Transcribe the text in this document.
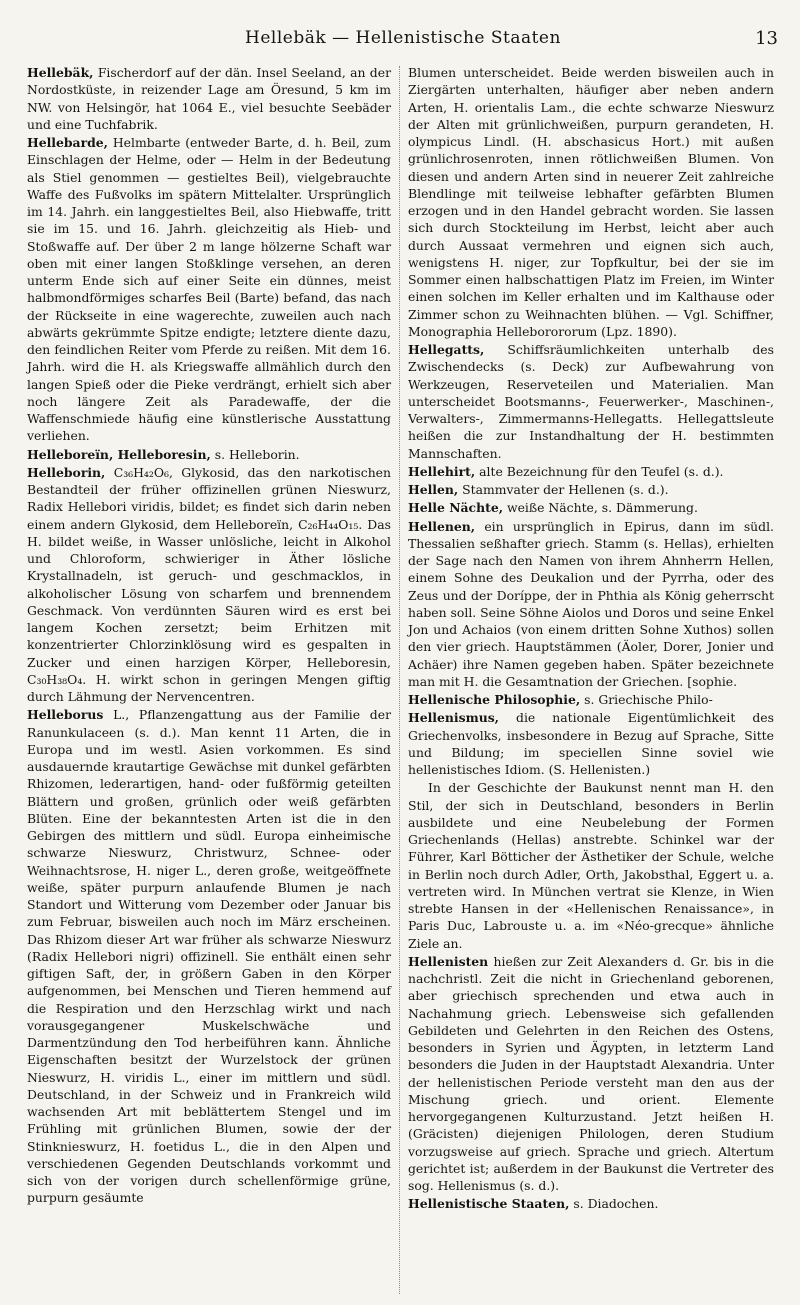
Hellebäk — Hellenistische Staaten	13

Hellebäk, Fischerdorf auf der dän. Insel Seeland, an der Nordostküste, in reizender Lage am Öresund, 5 km im NW. von Helsingör, hat 1064 E., viel besuchte Seebäder und eine Tuchfabrik.

Hellebarde, Helmbarte (entweder Barte, d. h. Beil, zum Einschlagen der Helme, oder — Helm in der Bedeutung als Stiel genommen — gestieltes Beil), vielgebrauchte Waffe des Fußvolks im spätern Mittelalter. Ursprünglich im 14. Jahrh. ein langgestieltes Beil, also Hiebwaffe, tritt sie im 15. und 16. Jahrh. gleichzeitig als Hieb- und Stoßwaffe auf. Der über 2 m lange hölzerne Schaft war oben mit einer langen Stoßklinge versehen, an deren unterm Ende sich auf einer Seite ein dünnes, meist halbmondförmiges scharfes Beil (Barte) befand, das nach der Rückseite in eine wagerechte, zuweilen auch nach abwärts gekrümmte Spitze endigte; letztere diente dazu, den feindlichen Reiter vom Pferde zu reißen. Mit dem 16. Jahrh. wird die H. als Kriegswaffe allmählich durch den langen Spieß oder die Pieke verdrängt, erhielt sich aber noch längere Zeit als Paradewaffe, der die Waffenschmiede häufig eine künstlerische Ausstattung verliehen.

Helleboreïn, Helleboresin, s. Helleborin.

Helleborin, C₃₆H₄₂O₆, Glykosid, das den narkotischen Bestandteil der früher offizinellen grünen Nieswurz, Radix Hellebori viridis, bildet; es findet sich darin neben einem andern Glykosid, dem Helleboreïn, C₂₆H₄₄O₁₅. Das H. bildet weiße, in Wasser unlösliche, leicht in Alkohol und Chloroform, schwieriger in Äther lösliche Krystallnadeln, ist geruch- und geschmacklos, in alkoholischer Lösung von scharfem und brennendem Geschmack. Von verdünnten Säuren wird es erst bei langem Kochen zersetzt; beim Erhitzen mit konzentrierter Chlorzinklösung wird es gespalten in Zucker und einen harzigen Körper, Helleboresin, C₃₀H₃₈O₄. H. wirkt schon in geringen Mengen giftig durch Lähmung der Nervencentren.

Helleborus L., Pflanzengattung aus der Familie der Ranunkulaceen (s. d.). Man kennt 11 Arten, die in Europa und im westl. Asien vorkommen. Es sind ausdauernde krautartige Gewächse mit dunkel gefärbten Rhizomen, lederartigen, hand- oder fußförmig geteilten Blättern und großen, grünlich oder weiß gefärbten Blüten. Eine der bekanntesten Arten ist die in den Gebirgen des mittlern und südl. Europa einheimische schwarze Nieswurz, Christwurz, Schnee- oder Weihnachtsrose, H. niger L., deren große, weitgeöffnete weiße, später purpurn anlaufende Blumen je nach Standort und Witterung vom Dezember oder Januar bis zum Februar, bisweilen auch noch im März erscheinen. Das Rhizom dieser Art war früher als schwarze Nieswurz (Radix Hellebori nigri) offizinell. Sie enthält einen sehr giftigen Saft, der, in größern Gaben in den Körper aufgenommen, bei Menschen und Tieren hemmend auf die Respiration und den Herzschlag wirkt und nach vorausgegangener Muskelschwäche und Darmentzündung den Tod herbeiführen kann. Ähnliche Eigenschaften besitzt der Wurzelstock der grünen Nieswurz, H. viridis L., einer im mittlern und südl. Deutschland, in der Schweiz und in Frankreich wild wachsenden Art mit beblättertem Stengel und im Frühling mit grünlichen Blumen, sowie der der Stinknieswurz, H. foetidus L., die in den Alpen und verschiedenen Gegenden Deutschlands vorkommt und sich von der vorigen durch schellenförmige grüne, purpurn gesäumte

Blumen unterscheidet. Beide werden bisweilen auch in Ziergärten unterhalten, häufiger aber neben andern Arten, H. orientalis Lam., die echte schwarze Nieswurz der Alten mit grünlichweißen, purpurn gerandeten, H. olympicus Lindl. (H. abschasicus Hort.) mit außen grünlichrosenroten, innen rötlichweißen Blumen. Von diesen und andern Arten sind in neuerer Zeit zahlreiche Blendlinge mit teilweise lebhafter gefärbten Blumen erzogen und in den Handel gebracht worden. Sie lassen sich durch Stockteilung im Herbst, leicht aber auch durch Aussaat vermehren und eignen sich auch, wenigstens H. niger, zur Topfkultur, bei der sie im Sommer einen halbschattigen Platz im Freien, im Winter einen solchen im Keller erhalten und im Kalthause oder Zimmer schon zu Weihnachten blühen. — Vgl. Schiffner, Monographia Helleborororum (Lpz. 1890).

Hellegatts, Schiffsräumlichkeiten unterhalb des Zwischendecks (s. Deck) zur Aufbewahrung von Werkzeugen, Reserveteilen und Materialien. Man unterscheidet Bootsmanns-, Feuerwerker-, Maschinen-, Verwalters-, Zimmermanns-Hellegatts. Hellegattsleute heißen die zur Instandhaltung der H. bestimmten Mannschaften.

Hellehirt, alte Bezeichnung für den Teufel (s. d.).

Hellen, Stammvater der Hellenen (s. d.).

Helle Nächte, weiße Nächte, s. Dämmerung.

Hellenen, ein ursprünglich in Epirus, dann im südl. Thessalien seßhafter griech. Stamm (s. Hellas), erhielten der Sage nach den Namen von ihrem Ahnherrn Hellen, einem Sohne des Deukalion und der Pyrrha, oder des Zeus und der Doríppe, der in Phthia als König geherrscht haben soll. Seine Söhne Aiolos und Doros und seine Enkel Jon und Achaios (von einem dritten Sohne Xuthos) sollen den vier griech. Hauptstämmen (Äoler, Dorer, Jonier und Achäer) ihre Namen gegeben haben. Später bezeichnete man mit H. die Gesamtnation der Griechen. [sophie.

Hellenische Philosophie, s. Griechische Philo-

Hellenismus, die nationale Eigentümlichkeit des Griechenvolks, insbesondere in Bezug auf Sprache, Sitte und Bildung; im speciellen Sinne soviel wie hellenistisches Idiom. (S. Hellenisten.)

In der Geschichte der Baukunst nennt man H. den Stil, der sich in Deutschland, besonders in Berlin ausbildete und eine Neubelebung der Formen Griechenlands (Hellas) anstrebte. Schinkel war der Führer, Karl Bötticher der Ästhetiker der Schule, welche in Berlin noch durch Adler, Orth, Jakobsthal, Eggert u. a. vertreten wird. In München vertrat sie Klenze, in Wien strebte Hansen in der «Hellenischen Renaissance», in Paris Duc, Labrouste u. a. im «Néo-grecque» ähnliche Ziele an.

Hellenisten hießen zur Zeit Alexanders d. Gr. bis in die nachchristl. Zeit die nicht in Griechenland geborenen, aber griechisch sprechenden und etwa auch in Nachahmung griech. Lebensweise sich gefallenden Gebildeten und Gelehrten in den Reichen des Ostens, besonders in Syrien und Ägypten, in letzterm Land besonders die Juden in der Hauptstadt Alexandria. Unter der hellenistischen Periode versteht man den aus der Mischung griech. und orient. Elemente hervorgegangenen Kulturzustand. Jetzt heißen H. (Gräcisten) diejenigen Philologen, deren Studium vorzugsweise auf griech. Sprache und griech. Altertum gerichtet ist; außerdem in der Baukunst die Vertreter des sog. Hellenismus (s. d.).

Hellenistische Staaten, s. Diadochen.
